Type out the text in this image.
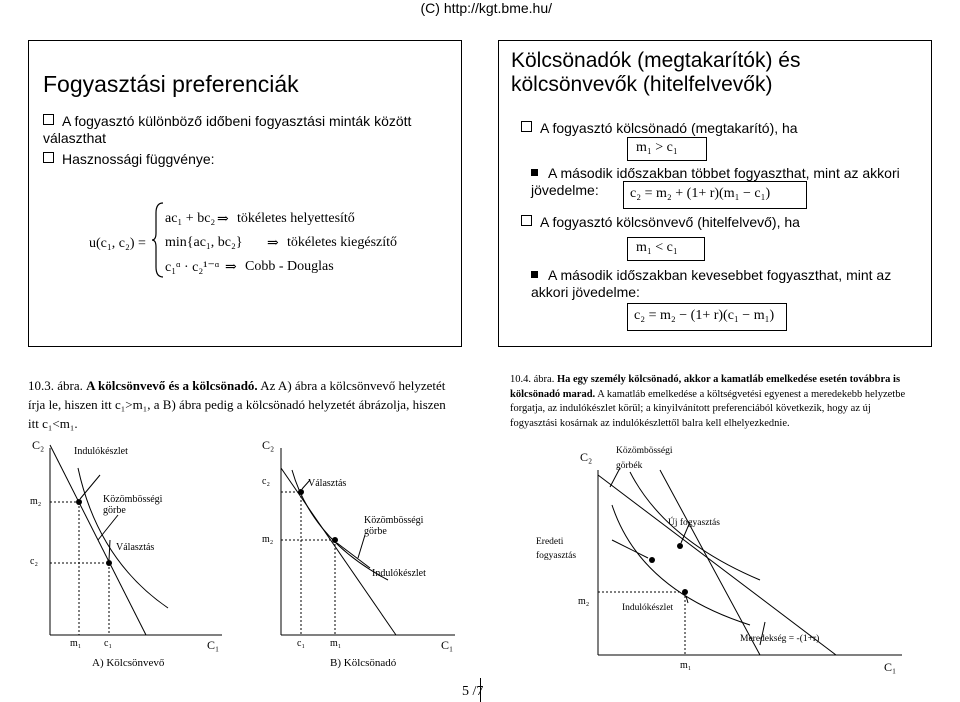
(C) http://kgt.bme.hu/
Fogyasztási preferenciák
A fogyasztó különböző időbeni fogyasztási minták között választhat
Hasznossági függvénye:
u(c₁, c₂) =
ac₁ + bc₂ ⇒ tökéletes helyettesítő
min{ac₁, bc₂} ⇒ tökéletes kiegészítő
c₁ᵅ · c₂¹⁻ᵅ ⇒ Cobb - Douglas
Kölcsönadók (megtakarítók) és kölcsönvevők (hitelfelvevők)
A fogyasztó kölcsönadó (megtakarító), ha
m₁ > c₁
A második időszakban többet fogyaszthat, mint az akkori jövedelme:	c₂ = m₂ + (1+ r)(m₁ − c₁)
A fogyasztó kölcsönvevő (hitelfelvevő), ha
m₁ < c₁
A második időszakban kevesebbet fogyaszthat, mint az akkori jövedelme:
c₂ = m₂ − (1+ r)(c₁ − m₁)
10.3. ábra. A kölcsönvevő és a kölcsönadó. Az A) ábra a kölcsönvevő helyzetét írja le, hiszen itt c₁>m₁, a B) ábra pedig a kölcsönadó helyzetét ábrázolja, hiszen itt c₁<m₁.
C₂	Indulókészlet
m₂
c₂
Közömbösségi görbe
Választás
m₁ c₁	C₁
A) Kölcsönvevő
C₂
c₂	Választás
m₂
Közömbösségi görbe
Indulókészlet
c₁	m₁	C₁
B) Kölcsönadó
10.4. ábra. Ha egy személy kölcsönadó, akkor a kamatláb emelkedése esetén továbbra is kölcsönadó marad. A kamatláb emelkedése a költségvetési egyenest a meredekebb helyzetbe forgatja, az indulókészlet körül; a kinyilvánított preferenciából következik, hogy az új fogyasztási kosárnak az indulókészlettől balra kell elhelyezkednie.
C₂	Közömbösségi görbék
Új fogyasztás
Eredeti fogyasztás
m₂
Indulókészlet
Meredekség = -(1+r)
m₁	C₁
5 /7
